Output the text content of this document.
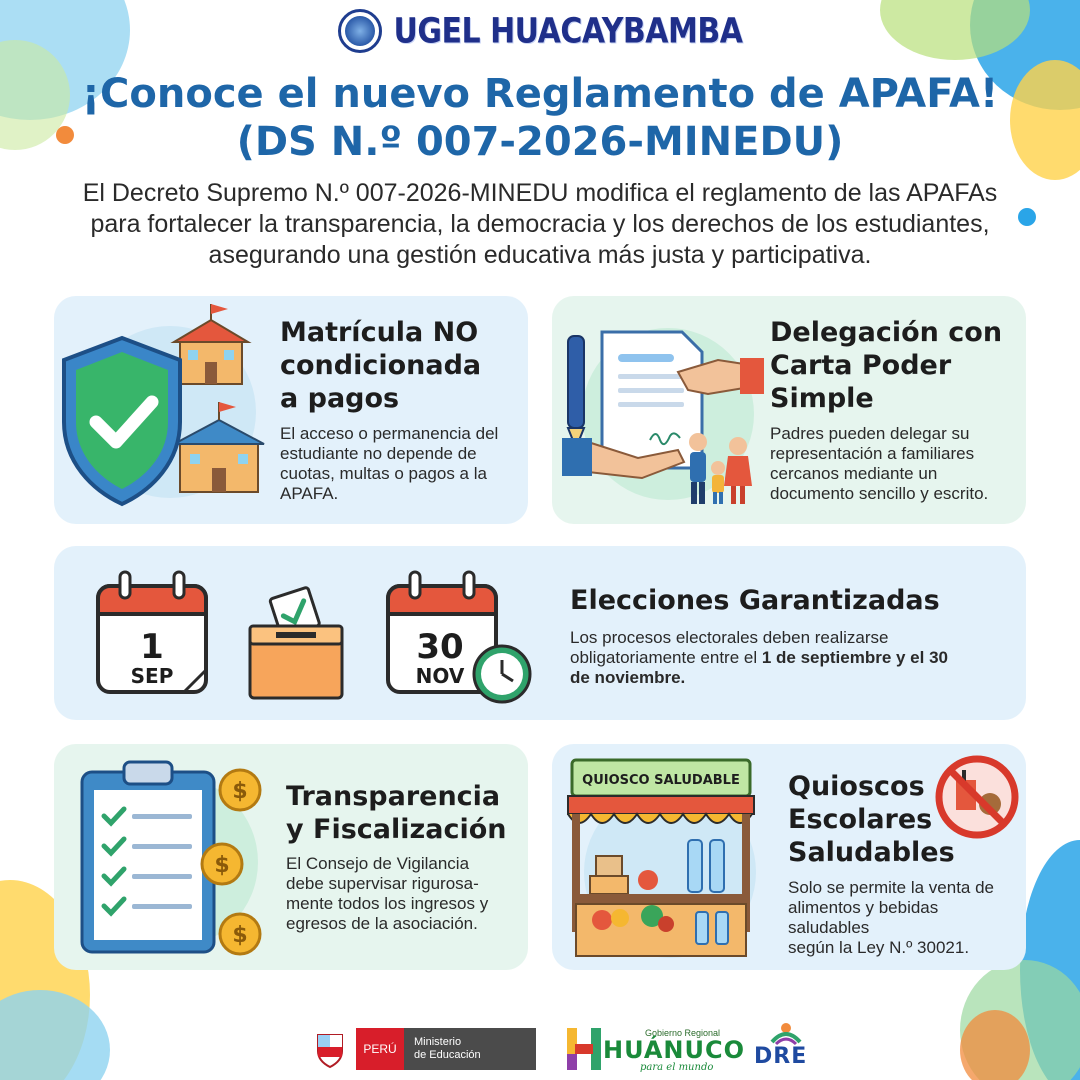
UGEL HUACAYBAMBA
¡Conoce el nuevo Reglamento de APAFA!
(DS N.º 007-2026-MINEDU)
El Decreto Supremo N.º 007-2026-MINEDU modifica el reglamento de las APAFAs para fortalecer la transparencia, la democracia y los derechos de los estudiantes, asegurando una gestión educativa más justa y participativa.
Matrícula NO
condicionada
a pagos
El acceso o permanencia del
estudiante no depende de
cuotas, multas o pagos a la
APAFA.
Delegación con
Carta Poder
Simple
Padres pueden delegar su
representación a familiares
cercanos mediante un
documento sencillo y escrito.
1
SEP
30
NOV
Elecciones Garantizadas
Los procesos electorales deben realizarse
obligatoriamente entre el 1 de septiembre y el 30
de noviembre.
$
$
$
Transparencia
y Fiscalización
El Consejo de Vigilancia
debe supervisar rigurosa-
mente todos los ingresos y
egresos de la asociación.
QUIOSCO SALUDABLE Quioscos
Escolares
Saludables
Solo se permite la venta de
alimentos y bebidas saludables
según la Ley N.º 30021.
PERÚ	Ministerio
de Educación
Gobierno Regional
HUÁNUCO
para el mundo DRE
